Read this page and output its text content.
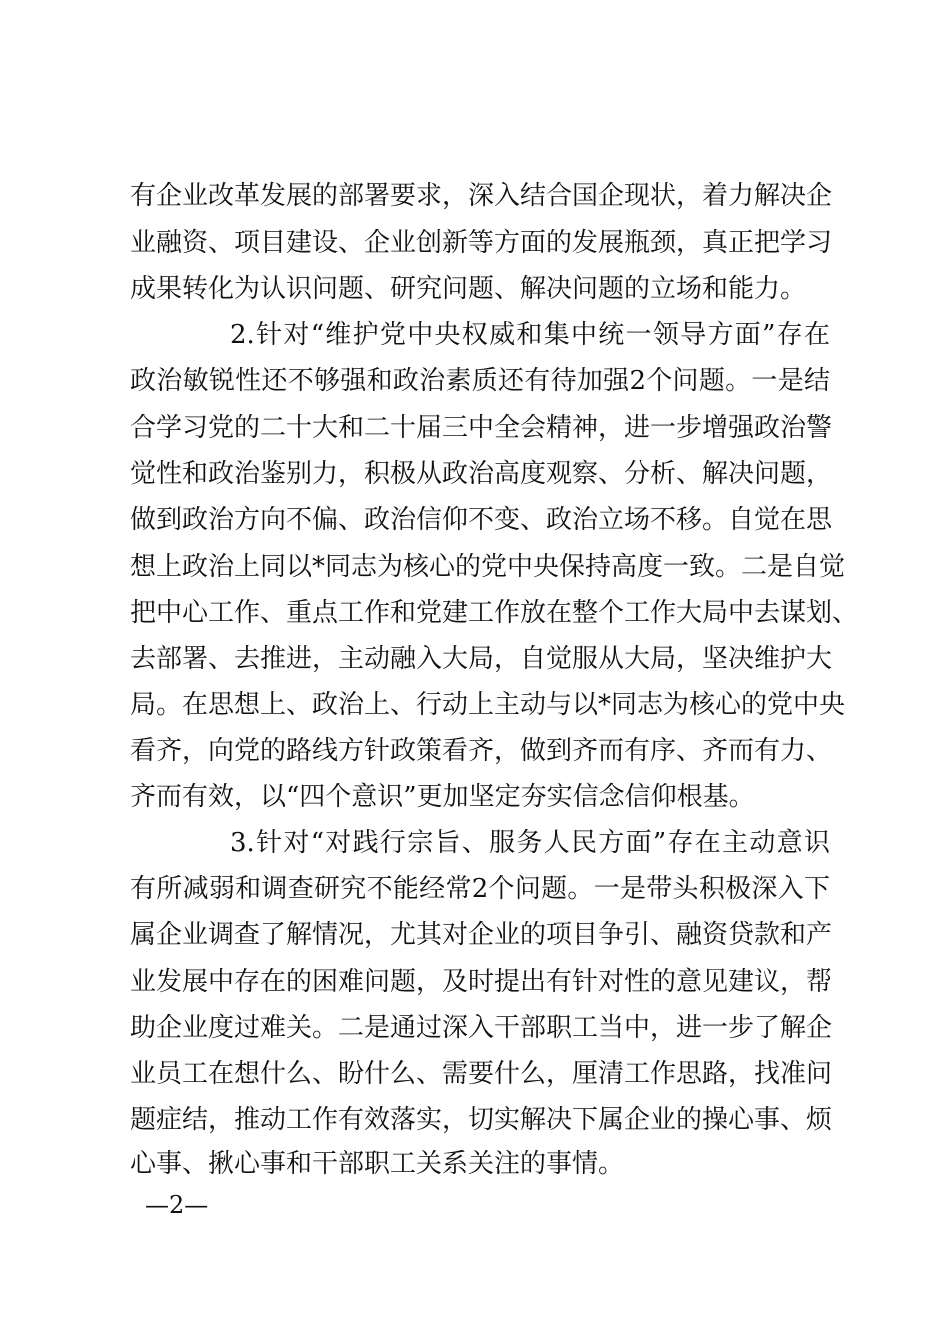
有企业改革发展的部署要求，深入结合国企现状，着力解决企
业融资、项目建设、企业创新等方面的发展瓶颈，真正把学习
成果转化为认识问题、研究问题、解决问题的立场和能力。
2.针对“维护党中央权威和集中统一领导方面”存在
政治敏锐性还不够强和政治素质还有待加强2个问题。一是结
合学习党的二十大和二十届三中全会精神，进一步增强政治警
觉性和政治鉴别力，积极从政治高度观察、分析、解决问题，
做到政治方向不偏、政治信仰不变、政治立场不移。自觉在思
想上政治上同以*同志为核心的党中央保持高度一致。二是自觉
把中心工作、重点工作和党建工作放在整个工作大局中去谋划、
去部署、去推进，主动融入大局，自觉服从大局，坚决维护大
局。在思想上、政治上、行动上主动与以*同志为核心的党中央
看齐，向党的路线方针政策看齐，做到齐而有序、齐而有力、
齐而有效，以“四个意识”更加坚定夯实信念信仰根基。
3.针对“对践行宗旨、服务人民方面”存在主动意识
有所减弱和调查研究不能经常2个问题。一是带头积极深入下
属企业调查了解情况，尤其对企业的项目争引、融资贷款和产
业发展中存在的困难问题，及时提出有针对性的意见建议，帮
助企业度过难关。二是通过深入干部职工当中，进一步了解企
业员工在想什么、盼什么、需要什么，厘清工作思路，找准问
题症结，推动工作有效落实，切实解决下属企业的操心事、烦
心事、揪心事和干部职工关系关注的事情。
—2—
